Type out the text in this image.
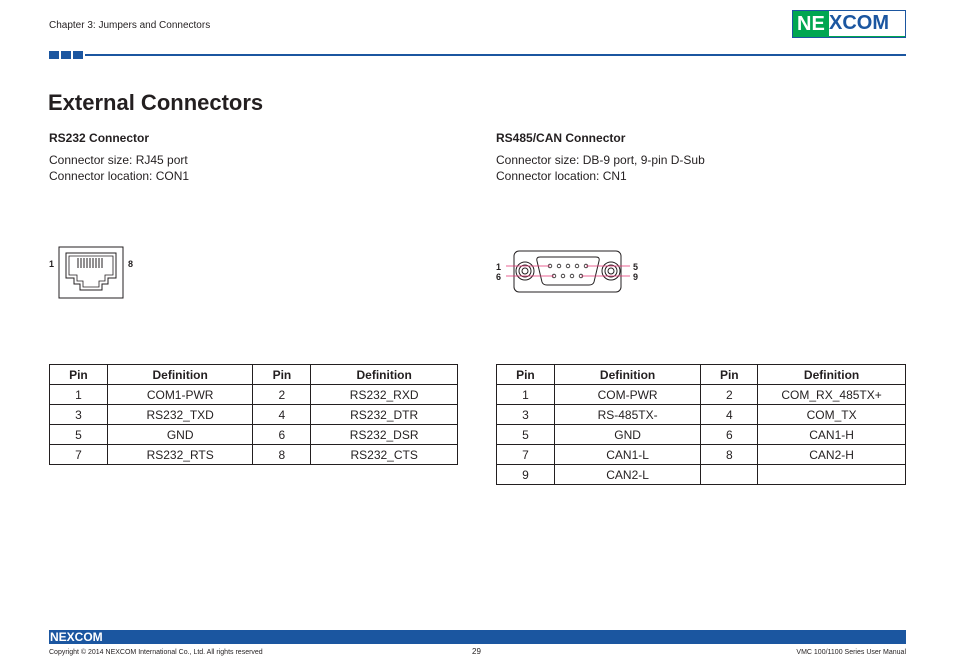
Chapter 3: Jumpers and Connectors	NE XCOM
External Connectors
RS232 Connector
Connector size: RJ45 port
Connector location: CON1
1	8
Pin	Definition	Pin	Definition
1	COM1-PWR	2	RS232_RXD
3	RS232_TXD	4	RS232_DTR
5	GND	6	RS232_DSR
7	RS232_RTS	8	RS232_CTS
RS485/CAN Connector
Connector size: DB-9 port, 9-pin D-Sub
Connector location: CN1
1
6
5
9
Pin	Definition	Pin	Definition
1	COM-PWR	2	COM_RX_485TX+
3	RS-485TX-	4	COM_TX
5	GND	6	CAN1-H
7	CAN1-L	8	CAN2-H
9	CAN2-L		
NEXCOM
Copyright © 2014 NEXCOM International Co., Ltd. All rights reserved	29	VMC 100/1100 Series User Manual
